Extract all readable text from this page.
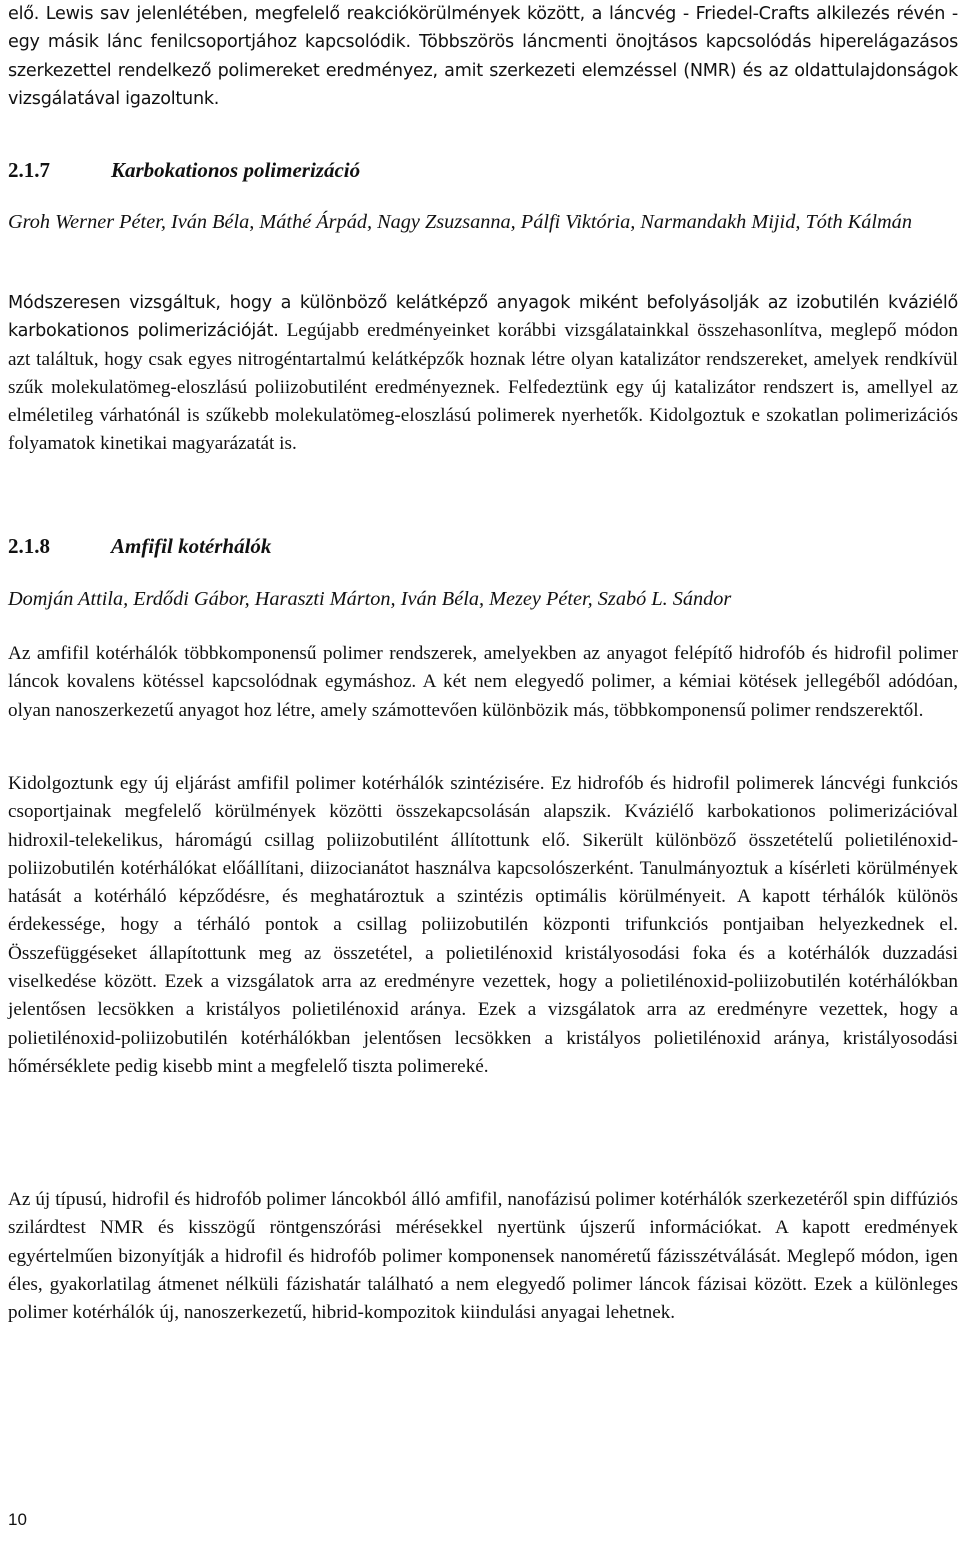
elő. Lewis sav jelenlétében, megfelelő reakciókörülmények között, a láncvég - Friedel-Crafts alkilezés révén - egy másik lánc fenilcsoportjához kapcsolódik. Többszörös láncmenti önojtásos kapcsolódás hiperelágazásos szerkezettel rendelkező polimereket eredményez, amit szerkezeti elemzéssel (NMR) és az oldattulajdonságok vizsgálatával igazoltunk.

2.1.7	Karbokationos polimerizáció

Groh Werner Péter, Iván Béla, Máthé Árpád, Nagy Zsuzsanna, Pálfi Viktória, Narmandakh Mijid, Tóth Kálmán

Módszeresen vizsgáltuk, hogy a különböző kelátképző anyagok miként befolyásolják az izobutilén kváziélő karbokationos polimerizációját. Legújabb eredményeinket korábbi vizsgálatainkkal összehasonlítva, meglepő módon azt találtuk, hogy csak egyes nitrogéntartalmú kelátképzők hoznak létre olyan katalizátor rendszereket, amelyek rendkívül szűk molekulatömeg-eloszlású poliizobutilént eredményeznek. Felfedeztünk egy új katalizátor rendszert is, amellyel az elméletileg várhatónál is szűkebb molekulatömeg-eloszlású polimerek nyerhetők. Kidolgoztuk e szokatlan polimerizációs folyamatok kinetikai magyarázatát is.

2.1.8	Amfifil kotérhálók

Domján Attila, Erdődi Gábor, Haraszti Márton, Iván Béla, Mezey Péter, Szabó L. Sándor

Az amfifil kotérhálók többkomponensű polimer rendszerek, amelyekben az anyagot felépítő hidrofób és hidrofil polimer láncok kovalens kötéssel kapcsolódnak egymáshoz. A két nem elegyedő polimer, a kémiai kötések jellegéből adódóan, olyan nanoszerkezetű anyagot hoz létre, amely számottevően különbözik más, többkomponensű polimer rendszerektől.

Kidolgoztunk egy új eljárást amfifil polimer kotérhálók szintézisére. Ez hidrofób és hidrofil polimerek láncvégi funkciós csoportjainak megfelelő körülmények közötti összekapcsolásán alapszik. Kváziélő karbokationos polimerizációval hidroxil-telekelikus, háromágú csillag poliizobutilént állítottunk elő. Sikerült különböző összetételű polietilénoxid-poliizobutilén kotérhálókat előállítani, diizocianátot használva kapcsolószerként. Tanulmányoztuk a kísérleti körülmények hatását a kotérháló képződésre, és meghatároztuk a szintézis optimális körülményeit. A kapott térhálók különös érdekessége, hogy a térháló pontok a csillag poliizobutilén központi trifunkciós pontjaiban helyezkednek el. Összefüggéseket állapítottunk meg az összetétel, a polietilénoxid kristályosodási foka és a kotérhálók duzzadási viselkedése között. Ezek a vizsgálatok arra az eredményre vezettek, hogy a polietilénoxid-poliizobutilén kotérhálókban jelentősen lecsökken a kristályos polietilénoxid aránya. Ezek a vizsgálatok arra az eredményre vezettek, hogy a polietilénoxid-poliizobutilén kotérhálókban jelentősen lecsökken a kristályos polietilénoxid aránya, kristályosodási hőmérséklete pedig kisebb mint a megfelelő tiszta polimereké.

Az új típusú, hidrofil és hidrofób polimer láncokból álló amfifil, nanofázisú polimer kotérhálók szerkezetéről spin diffúziós szilárdtest NMR és kisszögű röntgenszórási mérésekkel nyertünk újszerű információkat. A kapott eredmények egyértelműen bizonyítják a hidrofil és hidrofób polimer komponensek nanoméretű fázisszétválását. Meglepő módon, igen éles, gyakorlatilag átmenet nélküli fázishatár található a nem elegyedő polimer láncok fázisai között. Ezek a különleges polimer kotérhálók új, nanoszerkezetű, hibrid-kompozitok kiindulási anyagai lehetnek.

10
